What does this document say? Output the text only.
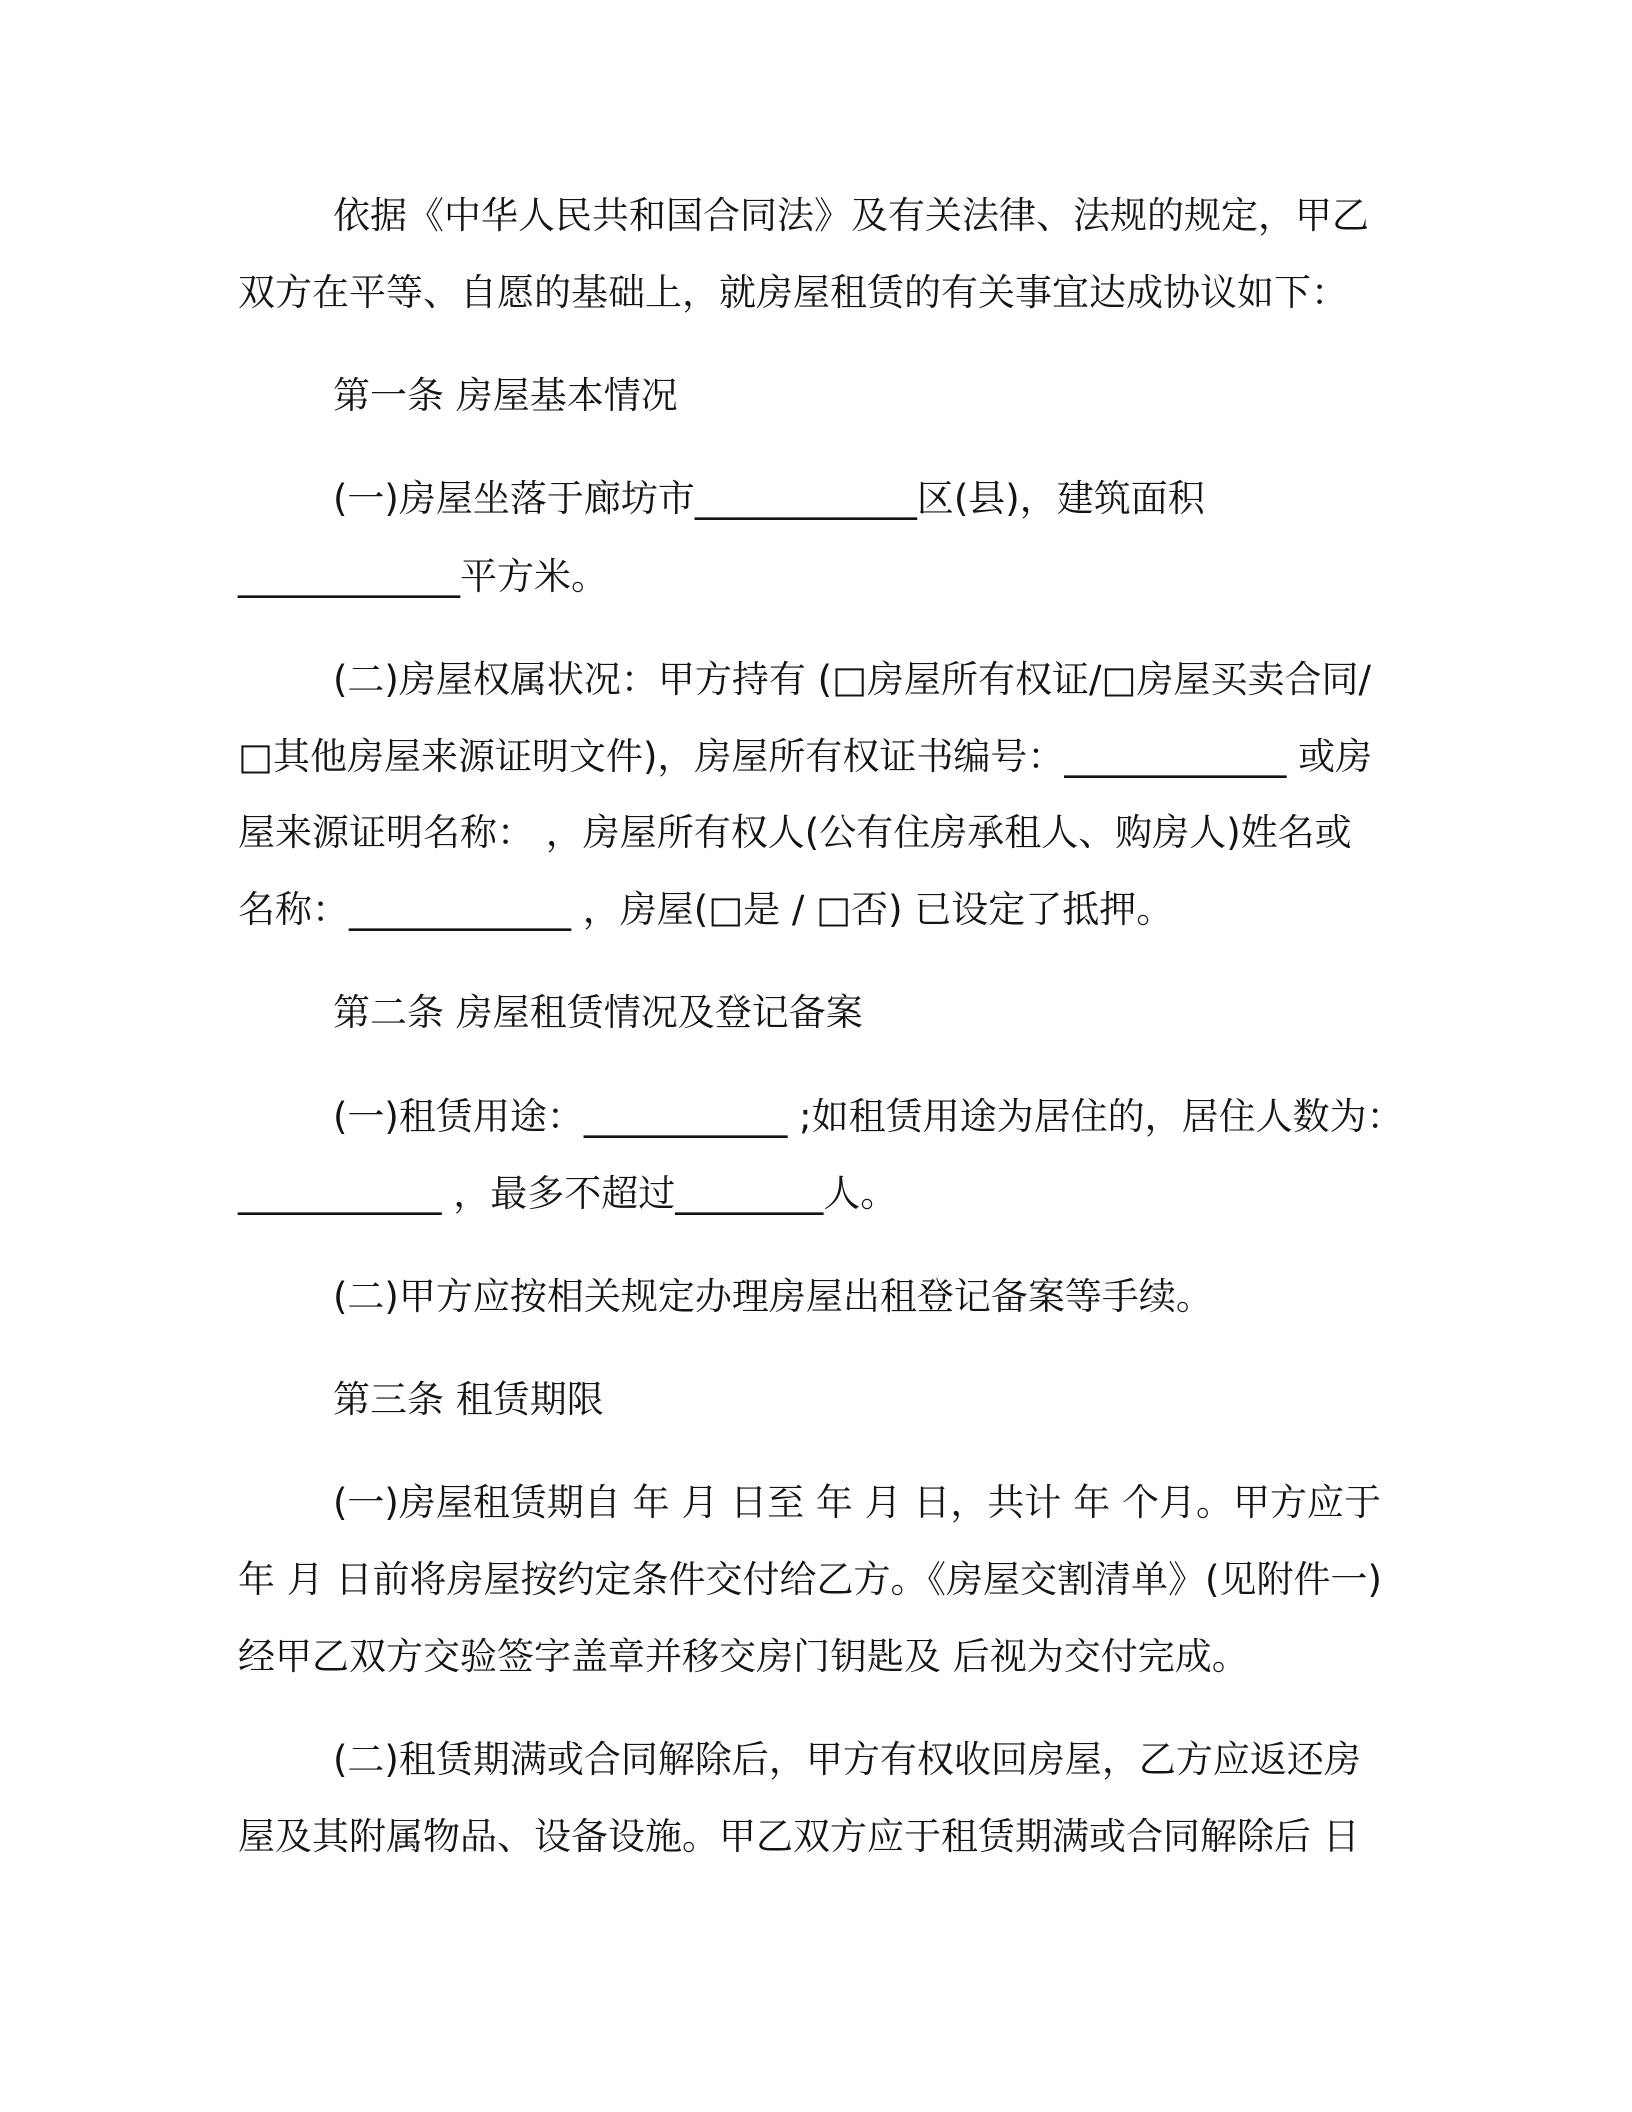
依据《中华人民共和国合同法》及有关法律、法规的规定，甲乙
双方在平等、自愿的基础上，就房屋租赁的有关事宜达成协议如下：
第一条 房屋基本情况
(一)房屋坐落于廊坊市____________区(县)，建筑面积
____________平方米。
(二)房屋权属状况：甲方持有 (□房屋所有权证/□房屋买卖合同/
□其他房屋来源证明文件)，房屋所有权证书编号：____________ 或房
屋来源证明名称： ，房屋所有权人(公有住房承租人、购房人)姓名或
名称：____________ ，房屋(□是 / □否) 已设定了抵押。
第二条 房屋租赁情况及登记备案
(一)租赁用途：___________ ;如租赁用途为居住的，居住人数为：
___________ ，最多不超过________人。
(二)甲方应按相关规定办理房屋出租登记备案等手续。
第三条 租赁期限
(一)房屋租赁期自 年 月 日至 年 月 日，共计 年 个月。甲方应于
年 月 日前将房屋按约定条件交付给乙方。《房屋交割清单》(见附件一)
经甲乙双方交验签字盖章并移交房门钥匙及 后视为交付完成。
(二)租赁期满或合同解除后，甲方有权收回房屋，乙方应返还房
屋及其附属物品、设备设施。甲乙双方应于租赁期满或合同解除后 日
